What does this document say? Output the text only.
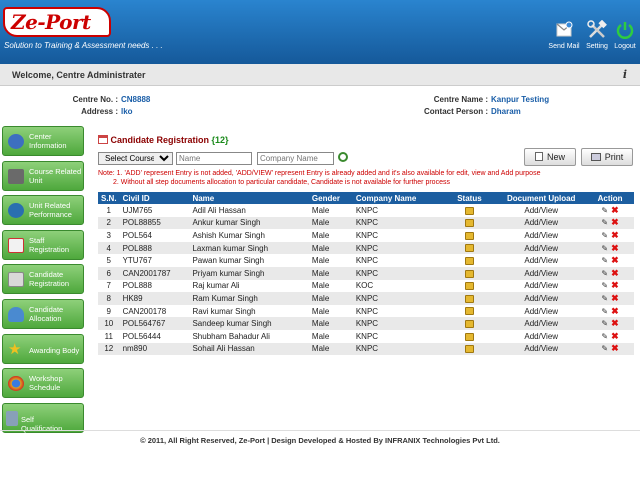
Ze-Port
Solution to Training & Assessment needs . . .	Send Mail Setting Logout
Welcome, Centre Administrater	i
Centre No. : CN8888
Address : lko
Centre Name : Kanpur Testing
Contact Person : Dharam
Center Information
Course Related Unit
Unit Related Performance
Staff Registration
Candidate Registration
Candidate Allocation
★	Awarding Body
Workshop Schedule
Self Qualification
Candidate Registration {12}
Select Course
Name
Company Name
New	Print
Note: 1. 'ADD' represent Entry is not added, 'ADD/VIEW' represent Entry is already added and it's also available for edit, view and Add purpose
2. Without all step documents allocation to particular candidate, Candidate is not available for further process
S.N.	Civil ID	Name	Gender	Company Name	Status	Document Upload	Action
1	UJM765	Adil Ali Hassan	Male	KNPC		Add/View	✎ ✖
2	POL88855	Ankur kumar Singh	Male	KNPC		Add/View	✎ ✖
3	POL564	Ashish Kumar Singh	Male	KNPC		Add/View	✎ ✖
4	POL888	Laxman kumar Singh	Male	KNPC		Add/View	✎ ✖
5	YTU767	Pawan kumar Singh	Male	KNPC		Add/View	✎ ✖
6	CAN2001787	Priyam kumar Singh	Male	KNPC		Add/View	✎ ✖
7	POL888	Raj kumar Ali	Male	KOC		Add/View	✎ ✖
8	HK89	Ram Kumar Singh	Male	KNPC		Add/View	✎ ✖
9	CAN200178	Ravi kumar Singh	Male	KNPC		Add/View	✎ ✖
10	POL564767	Sandeep kumar Singh	Male	KNPC		Add/View	✎ ✖
11	POL56444	Shubham Bahadur Ali	Male	KNPC		Add/View	✎ ✖
12	nm890	Sohail Ali Hassan	Male	KNPC		Add/View	✎ ✖
© 2011, All Right Reserved, Ze-Port | Design Developed & Hosted By INFRANIX Technologies Pvt Ltd.
